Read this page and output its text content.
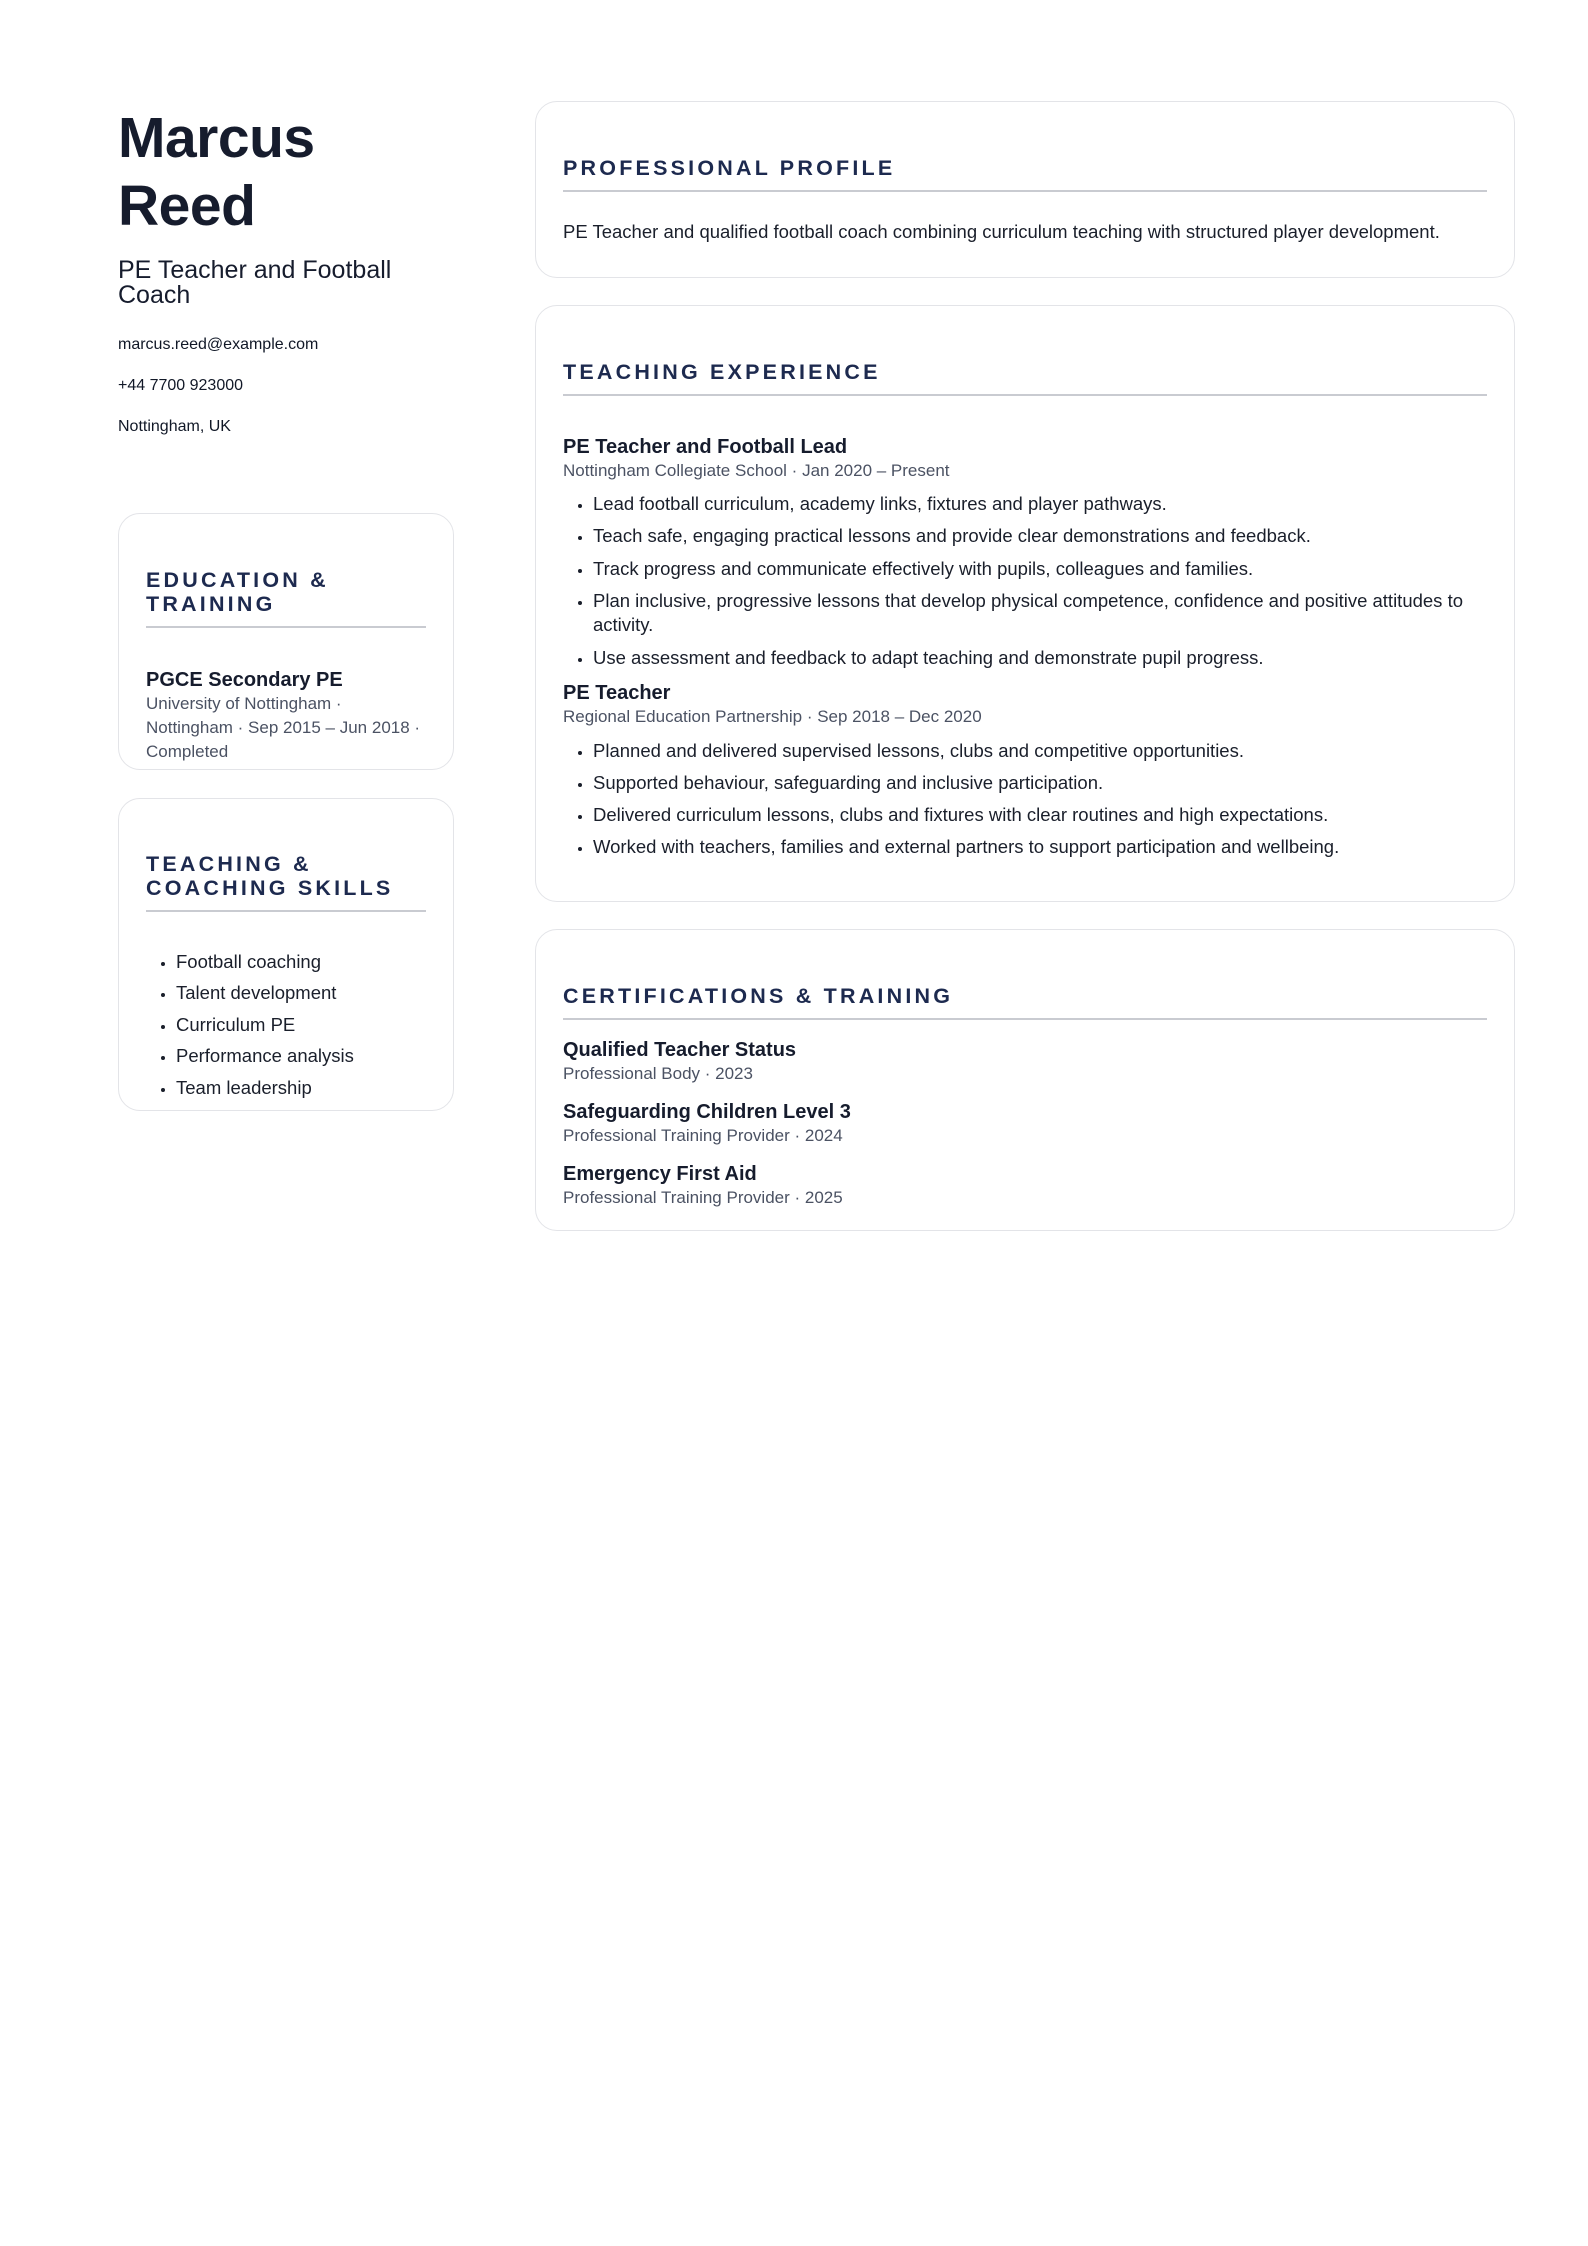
Marcus Reed
PE Teacher and Football Coach
marcus.reed@example.com
+44 7700 923000
Nottingham, UK
EDUCATION & TRAINING
PGCE Secondary PE
University of Nottingham · Nottingham · Sep 2015 – Jun 2018 · Completed
TEACHING & COACHING SKILLS
• Football coaching
• Talent development
• Curriculum PE
• Performance analysis
• Team leadership
PROFESSIONAL PROFILE
PE Teacher and qualified football coach combining curriculum teaching with structured player development.
TEACHING EXPERIENCE
PE Teacher and Football Lead
Nottingham Collegiate School · Jan 2020 – Present
• Lead football curriculum, academy links, fixtures and player pathways.
• Teach safe, engaging practical lessons and provide clear demonstrations and feedback.
• Track progress and communicate effectively with pupils, colleagues and families.
• Plan inclusive, progressive lessons that develop physical competence, confidence and positive attitudes to activity.
• Use assessment and feedback to adapt teaching and demonstrate pupil progress.
PE Teacher
Regional Education Partnership · Sep 2018 – Dec 2020
• Planned and delivered supervised lessons, clubs and competitive opportunities.
• Supported behaviour, safeguarding and inclusive participation.
• Delivered curriculum lessons, clubs and fixtures with clear routines and high expectations.
• Worked with teachers, families and external partners to support participation and wellbeing.
CERTIFICATIONS & TRAINING
Qualified Teacher Status
Professional Body · 2023
Safeguarding Children Level 3
Professional Training Provider · 2024
Emergency First Aid
Professional Training Provider · 2025
